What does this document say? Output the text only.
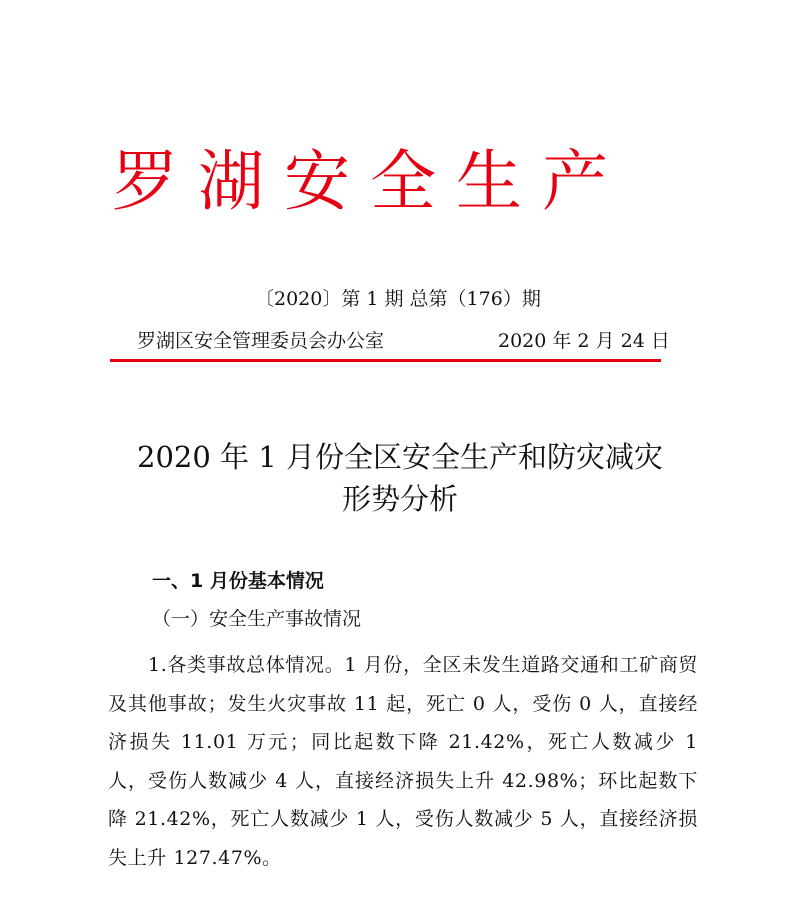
罗湖安全生产
〔2020〕第 1 期 总第（176）期
罗湖区安全管理委员会办公室	2020 年 2 月 24 日
2020 年 1 月份全区安全生产和防灾减灾
形势分析
一、1 月份基本情况
（一）安全生产事故情况
1.各类事故总体情况。1 月份，全区未发生道路交通和工矿商贸及其他事故；发生火灾事故 11 起，死亡 0 人，受伤 0 人，直接经济损失 11.01 万元；同比起数下降 21.42%，死亡人数减少 1 人，受伤人数减少 4 人，直接经济损失上升 42.98%；环比起数下降 21.42%，死亡人数减少 1 人，受伤人数减少 5 人，直接经济损失上升 127.47%。
